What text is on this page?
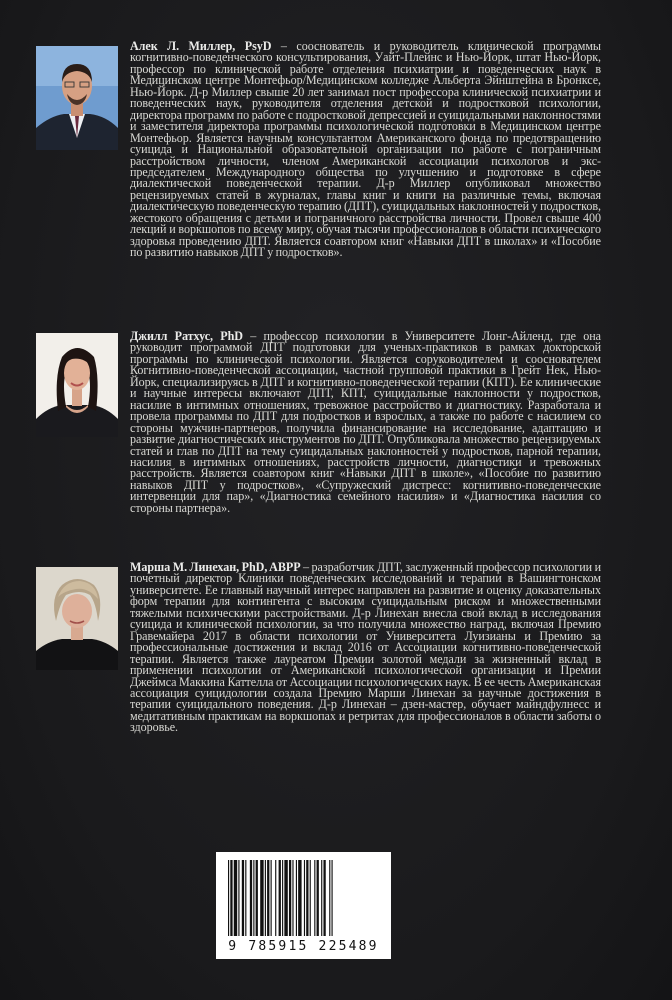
Алек Л. Миллер, PsyD – сооснователь и руководитель клинической программы когнитивно-поведенческого консультирования, Уайт-Плейнс и Нью-Йорк, штат Нью-Йорк, профессор по клинической работе отделения психиатрии и поведенческих наук в Медицинском центре Монтефьор/Медицинском колледже Альберта Эйнштейна в Бронксе, Нью-Йорк. Д-р Миллер свыше 20 лет занимал пост профессора клинической психиатрии и поведенческих наук, руководителя отделения детской и подростковой психологии, директора программ по работе с подростковой депрессией и суицидальными наклонностями и заместителя директора программы психологической подготовки в Медицинском центре Монтефьор. Является научным консультантом Американского фонда по предотвращению суицида и Национальной образовательной организации по работе с пограничным расстройством личности, членом Американской ассоциации психологов и экс-председателем Международного общества по улучшению и подготовке в сфере диалектической поведенческой терапии. Д-р Миллер опубликовал множество рецензируемых статей в журналах, главы книг и книги на различные темы, включая диалектическую поведенческую терапию (ДПТ), суицидальных наклонностей у подростков, жестокого обращения с детьми и пограничного расстройства личности. Провел свыше 400 лекций и воркшопов по всему миру, обучая тысячи профессионалов в области психического здоровья проведению ДПТ. Является соавтором книг «Навыки ДПТ в школах» и «Пособие по развитию навыков ДПТ у подростков».
Джилл Ратхус, PhD – профессор психологии в Университете Лонг-Айленд, где она руководит программой ДПТ подготовки для ученых-практиков в рамках докторской программы по клинической психологии. Является соруководителем и сооснователем Когнитивно-поведенческой ассоциации, частной групповой практики в Грейт Нек, Нью-Йорк, специализируясь в ДПТ и когнитивно-поведенческой терапии (КПТ). Ее клинические и научные интересы включают ДПТ, КПТ, суицидальные наклонности у подростков, насилие в интимных отношениях, тревожное расстройство и диагностику. Разработала и провела программы по ДПТ для подростков и взрослых, а также по работе с насилием со стороны мужчин-партнеров, получила финансирование на исследование, адаптацию и развитие диагностических инструментов по ДПТ. Опубликовала множество рецензируемых статей и глав по ДПТ на тему суицидальных наклонностей у подростков, парной терапии, насилия в интимных отношениях, расстройств личности, диагностики и тревожных расстройств. Является соавтором книг «Навыки ДПТ в школе», «Пособие по развитию навыков ДПТ у подростков», «Супружеский дистресс: когнитивно-поведенческие интервенции для пар», «Диагностика семейного насилия» и «Диагностика насилия со стороны партнера».
Марша М. Линехан, PhD, ABPP – разработчик ДПТ, заслуженный профессор психологии и почетный директор Клиники поведенческих исследований и терапии в Вашингтонском университете. Ее главный научный интерес направлен на развитие и оценку доказательных форм терапии для контингента с высоким суицидальным риском и множественными тяжелыми психическими расстройствами. Д-р Линехан внесла свой вклад в исследования суицида и клинической психологии, за что получила множество наград, включая Премию Гравемайера 2017 в области психологии от Университета Луизианы и Премию за профессиональные достижения и вклад 2016 от Ассоциации когнитивно-поведенческой терапии. Является также лауреатом Премии золотой медали за жизненный вклад в применении психологии от Американской психологической организации и Премии Джеймса Маккина Каттелла от Ассоциации психологических наук. В ее честь Американская ассоциация суицидологии создала Премию Марши Линехан за научные достижения в терапии суицидального поведения. Д-р Линехан – дзен-мастер, обучает майндфулнесс и медитативным практикам на воркшопах и ретритах для профессионалов в области заботы о здоровье.
9 785915 225489
